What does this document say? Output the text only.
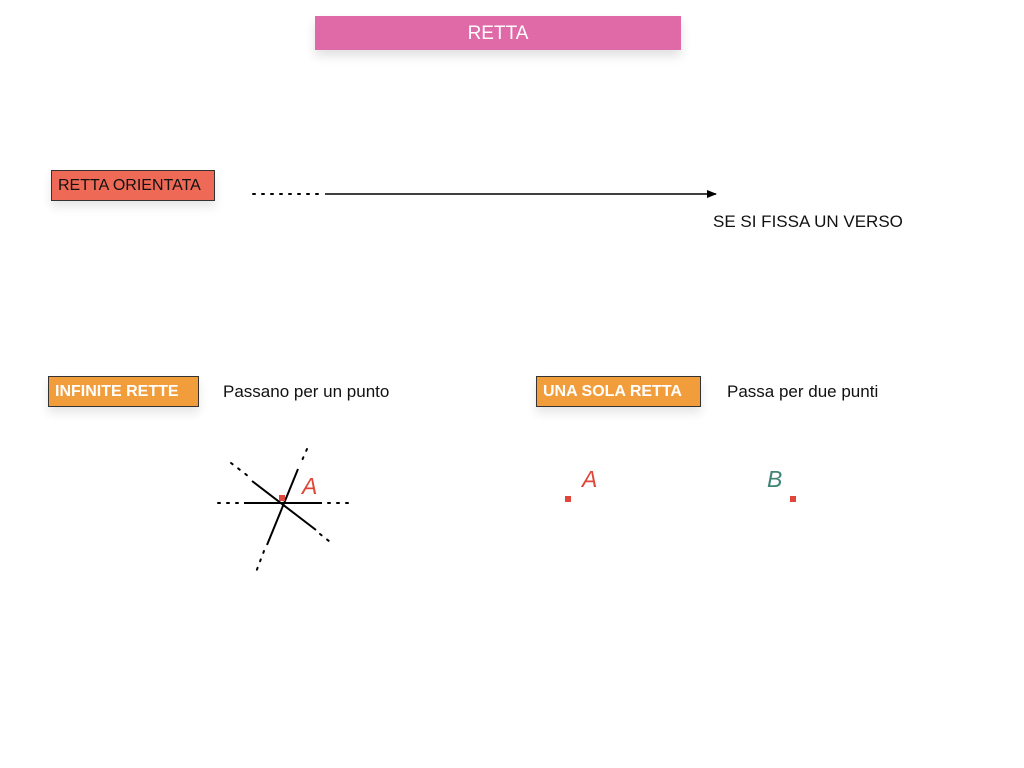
RETTA
RETTA ORIENTATA
SE SI FISSA UN VERSO
INFINITE RETTE	Passano per un punto	UNA SOLA RETTA	Passa per due punti
A	A	B
